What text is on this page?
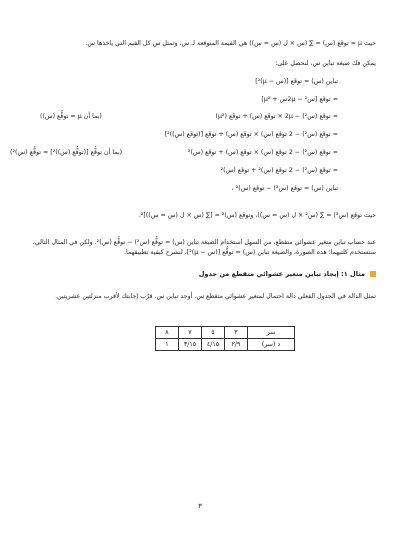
حيث μ = توقُّع (س) = ∑ (س × ل (س = س)) هي القيمة المتوقعة لـ س، وتمثل س كل القيم التي يأخذها س.
يمكن فك صيغة تباين س، لنحصل على:
تباين (س) = توقُّع [(س − μ)²]
= توقُّع [س² − 2μس + μ²]
= توقُّع (س²) − 2μ × توقُّع (س) + توقُّع (μ²)
(بما أن μ = توقُّع (س))
= توقُّع (س²) − 2 توقُّع (س) × توقُّع (س) + توقُّع [(توقُّع (س))²]
= توقُّع (س²) − 2 توقُّع (س) × توقُّع (س) + توقُّع (س)²
(بما أن توقُّع [(توقُّع (س))²] = توقُّع (س)²)
= توقُّع (س²) − 2 توقُّع (س)² + توقُّع (س)²
تباين (س) = توقُّع (س²) − توقُّع (س)² ،
حيث توقُّع (س²) = ∑ (س² × ل (س = س))، وتوقُّع (س)² = [∑ (س × ل (س = س))]².
عند حساب تباين متغير عشوائي متقطع، من السهل استخدام الصيغة تباين (س) = توقُّع (س²) − توقُّع (س)². ولكن في المثال التالي، سنستخدم كلتيهما؛ هذه الصورة، والصيغة تباين (س) = توقُّع [(س − μ)²]، لنشرح كيفية تطبيقهما.
مثال ١: إيجاد تباين متغير عشوائي متقطع من جدول
تمثل الدالة في الجدول الفعلي دالة احتمال لمتغير عشوائي متقطع س. أوجد تباين س. قرّب إجابتك لأقرب منزلتين عشريتين.
سر	٣	٥	٧	٨
د (سر)	٢/٩	٤/١٥	٣/١٥	١
٣
